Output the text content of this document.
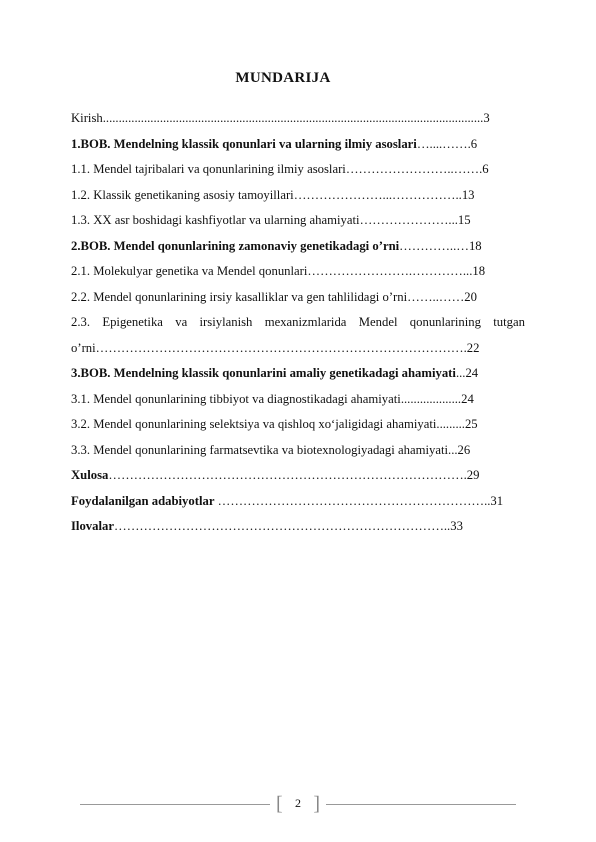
MUNDARIJA
Kirish........................................................................................................................3
1.BOB. Mendelning klassik qonunlari va ularning ilmiy asoslari…....…….6
1.1. Mendel tajribalari va qonunlarining ilmiy asoslari……………………..…….6
1.2. Klassik genetikaning asosiy tamoyillari…………………...……………..13
1.3. XX asr boshidagi kashfiyotlar va ularning ahamiyati…………………...15
2.BOB. Mendel qonunlarining zamonaviy genetikadagi o’rni…………..…18
2.1. Molekulyar genetika va Mendel qonunlari…………………….…………...18
2.2. Mendel qonunlarining irsiy kasalliklar va gen tahlilidagi o’rni……..……20
2.3. Epigenetika va irsiylanish mexanizmlarida Mendel qonunlarining tutgan
o’rni…………………………………………………………………………….22
3.BOB. Mendelning klassik qonunlarini amaliy genetikadagi ahamiyati...24
3.1. Mendel qonunlarining tibbiyot va diagnostikadagi ahamiyati...................24
3.2. Mendel qonunlarining selektsiya va qishloq xo‘jaligidagi ahamiyati.........25
3.3. Mendel qonunlarining farmatsevtika va biotexnologiyadagi ahamiyati...26
Xulosa………………………………………………………………………….29
Foydalanilgan adabiyotlar ………………………………………………………..31
Ilovalar……………………………………………………………………..33
[	2 ]
